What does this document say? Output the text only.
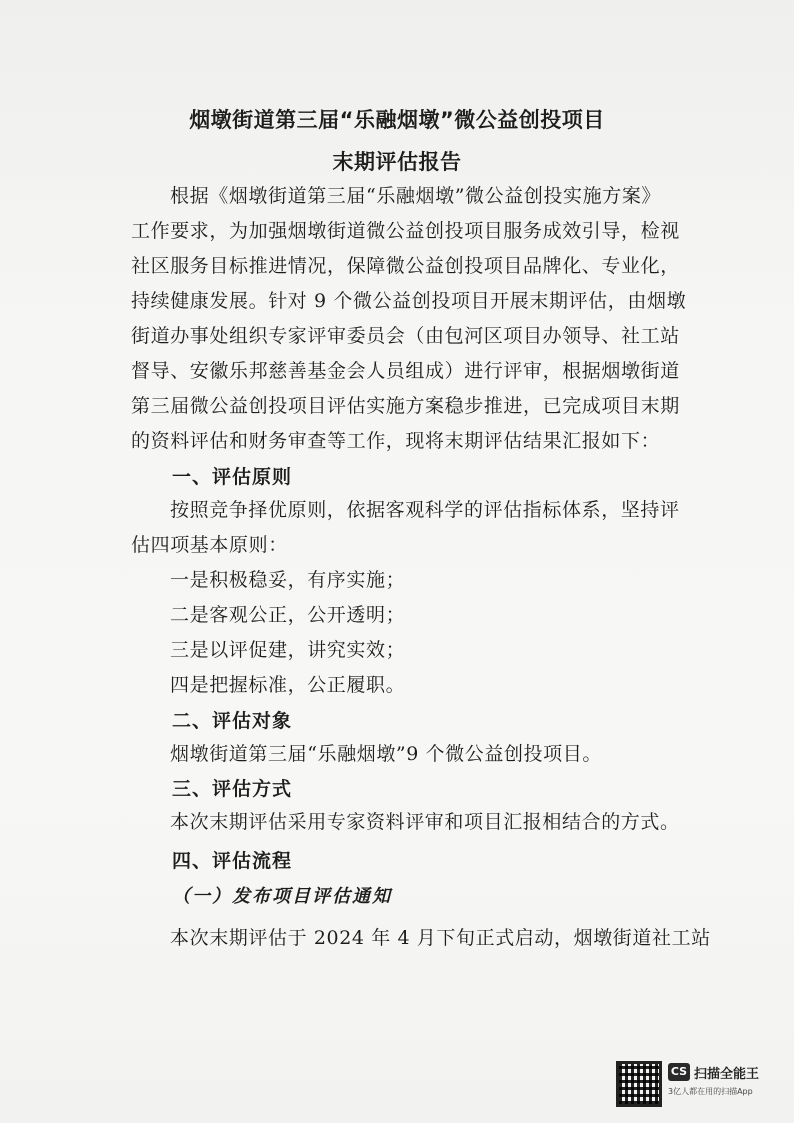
烟墩街道第三届“乐融烟墩”微公益创投项目
末期评估报告
根据《烟墩街道第三届“乐融烟墩”微公益创投实施方案》
工作要求，为加强烟墩街道微公益创投项目服务成效引导，检视
社区服务目标推进情况，保障微公益创投项目品牌化、专业化，
持续健康发展。针对 9 个微公益创投项目开展末期评估，由烟墩
街道办事处组织专家评审委员会（由包河区项目办领导、社工站
督导、安徽乐邦慈善基金会人员组成）进行评审，根据烟墩街道
第三届微公益创投项目评估实施方案稳步推进，已完成项目末期
的资料评估和财务审查等工作，现将末期评估结果汇报如下：
一、评估原则
按照竞争择优原则，依据客观科学的评估指标体系，坚持评
估四项基本原则：
一是积极稳妥，有序实施；
二是客观公正，公开透明；
三是以评促建，讲究实效；
四是把握标准，公正履职。
二、评估对象
烟墩街道第三届“乐融烟墩”9 个微公益创投项目。
三、评估方式
本次末期评估采用专家资料评审和项目汇报相结合的方式。
四、评估流程
（一）发布项目评估通知
本次末期评估于 2024 年 4 月下旬正式启动，烟墩街道社工站
CS 扫描全能王
3亿人都在用的扫描App
